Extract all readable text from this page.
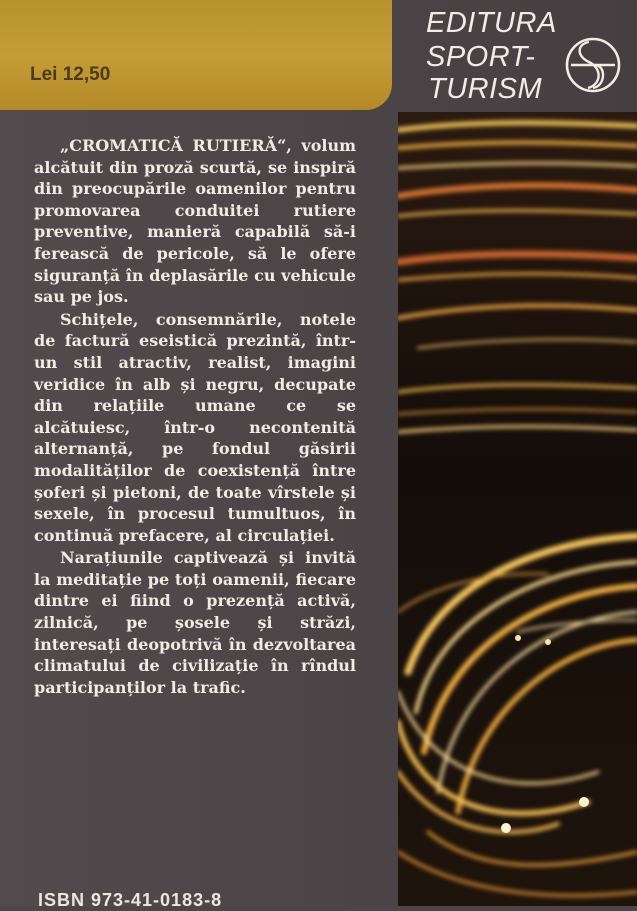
Lei 12,50
EDITURA
SPORT-
TURISM

„CROMATICĂ RUTIERĂ“, volum alcătuit din proză scurtă, se inspiră din preocupările oamenilor pentru promovarea conduitei rutiere preventive, manieră capabilă să-i ferească de pericole, să le ofere siguranță în deplasările cu vehicule sau pe jos.

Schițele, consemnările, notele de factură eseistică prezintă, într-un stil atractiv, realist, imagini veridice în alb și negru, decupate din relațiile umane ce se alcătuiesc, într-o necontenită alternanță, pe fondul găsirii modalităților de coexistență între șoferi și pietoni, de toate vîrstele și sexele, în procesul tumultuos, în continuă prefacere, al circulației.

Narațiunile captivează și invită la meditație pe toți oamenii, fiecare dintre ei fiind o prezență activă, zilnică, pe șosele și străzi, interesați deopotrivă în dezvoltarea climatului de civilizație în rîndul participanților la trafic.

ISBN 973-41-0183-8
